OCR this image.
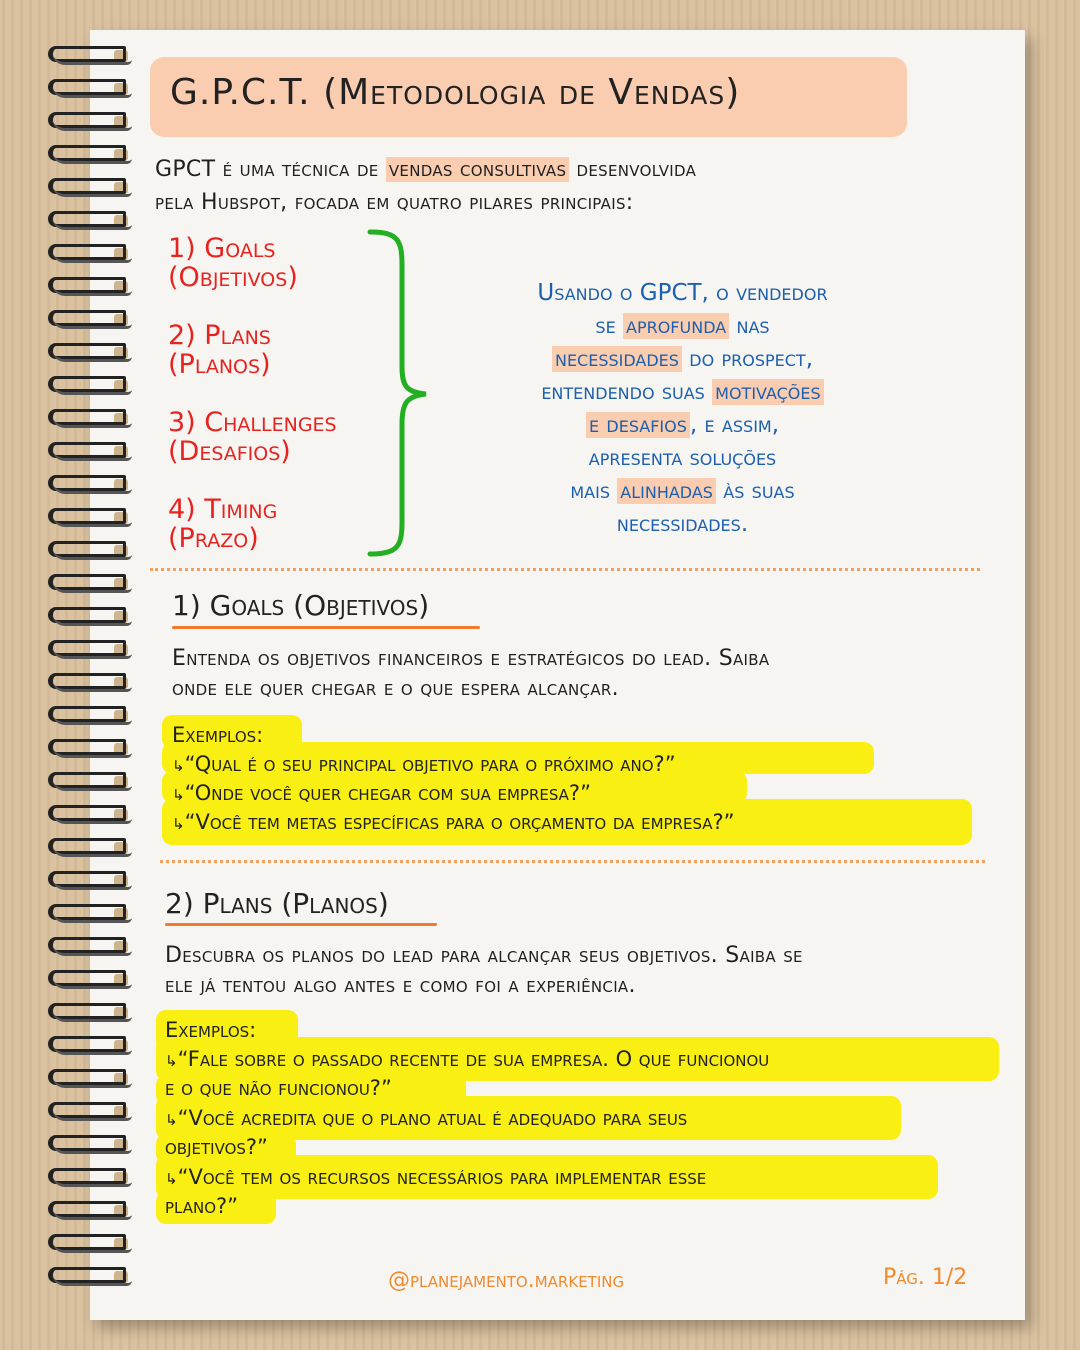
G.P.C.T. (Metodologia de Vendas)
GPCT é uma técnica de vendas consultivas desenvolvida
pela Hubspot, focada em quatro pilares principais:
1) Goals
(Objetivos)
2) Plans
(Planos)
3) Challenges
(Desafios)
4) Timing
(Prazo)
Usando o GPCT, o vendedor
se aprofunda nas
necessidades do prospect,
entendendo suas motivações
e desafios , e assim,
apresenta soluções
mais alinhadas às suas
necessidades.
1) Goals (Objetivos)
Entenda os objetivos financeiros e estratégicos do lead. Saiba
onde ele quer chegar e o que espera alcançar.
Exemplos:
↳“Qual é o seu principal objetivo para o próximo ano?”
↳“Onde você quer chegar com sua empresa?”
↳“Você tem metas específicas para o orçamento da empresa?”
2) Plans (Planos)
Descubra os planos do lead para alcançar seus objetivos. Saiba se
ele já tentou algo antes e como foi a experiência.
Exemplos:
↳“Fale sobre o passado recente de sua empresa. O que funcionou
e o que não funcionou?”
↳“Você acredita que o plano atual é adequado para seus
objetivos?”
↳“Você tem os recursos necessários para implementar esse
plano?”
@planejamento.marketing	Pág. 1/2
